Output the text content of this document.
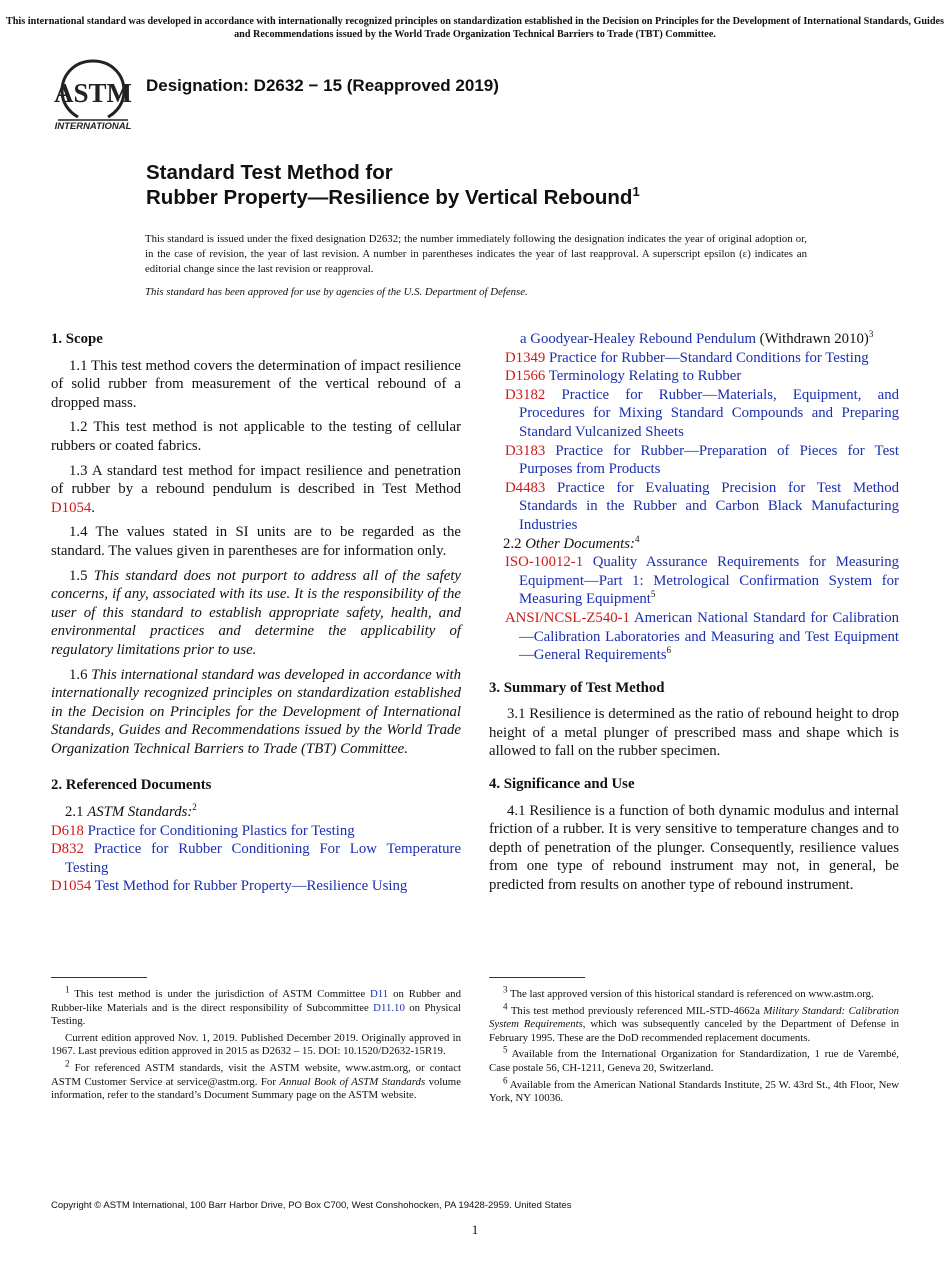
This international standard was developed in accordance with internationally recognized principles on standardization established in the Decision on Principles for the Development of International Standards, Guides and Recommendations issued by the World Trade Organization Technical Barriers to Trade (TBT) Committee.
ASTM
INTERNATIONAL
Designation: D2632 − 15 (Reapproved 2019)
Standard Test Method for
Rubber Property—Resilience by Vertical Rebound$^1$
This standard is issued under the fixed designation D2632; the number immediately following the designation indicates the year of original adoption or, in the case of revision, the year of last revision. A number in parentheses indicates the year of last reapproval. A superscript epsilon (ε) indicates an editorial change since the last revision or reapproval.
This standard has been approved for use by agencies of the U.S. Department of Defense.
1. Scope

1.1 This test method covers the determination of impact resilience of solid rubber from measurement of the vertical rebound of a dropped mass.

1.2 This test method is not applicable to the testing of cellular rubbers or coated fabrics.

1.3 A standard test method for impact resilience and penetration of rubber by a rebound pendulum is described in Test Method D1054.

1.4 The values stated in SI units are to be regarded as the standard. The values given in parentheses are for information only.

1.5 This standard does not purport to address all of the safety concerns, if any, associated with its use. It is the responsibility of the user of this standard to establish appropriate safety, health, and environmental practices and determine the applicability of regulatory limitations prior to use.

1.6 This international standard was developed in accordance with internationally recognized principles on standardization established in the Decision on Principles for the Development of International Standards, Guides and Recommendations issued by the World Trade Organization Technical Barriers to Trade (TBT) Committee.

2. Referenced Documents
2.1 ASTM Standards:$^2$
D618 Practice for Conditioning Plastics for Testing
D832 Practice for Rubber Conditioning For Low Temperature Testing
D1054 Test Method for Rubber Property—Resilience Using
a Goodyear-Healey Rebound Pendulum (Withdrawn 2010)$^3$
D1349 Practice for Rubber—Standard Conditions for Testing
D1566 Terminology Relating to Rubber
D3182 Practice for Rubber—Materials, Equipment, and Procedures for Mixing Standard Compounds and Preparing Standard Vulcanized Sheets
D3183 Practice for Rubber—Preparation of Pieces for Test Purposes from Products
D4483 Practice for Evaluating Precision for Test Method Standards in the Rubber and Carbon Black Manufacturing Industries
2.2 Other Documents:$^4$
ISO-10012-1 Quality Assurance Requirements for Measuring Equipment—Part 1: Metrological Confirmation System for Measuring Equipment$^5$
ANSI/NCSL-Z540-1 American National Standard for Calibration—Calibration Laboratories and Measuring and Test Equipment—General Requirements$^6$
3. Summary of Test Method

3.1 Resilience is determined as the ratio of rebound height to drop height of a metal plunger of prescribed mass and shape which is allowed to fall on the rubber specimen.

4. Significance and Use

4.1 Resilience is a function of both dynamic modulus and internal friction of a rubber. It is very sensitive to temperature changes and to depth of penetration of the plunger. Consequently, resilience values from one type of rebound instrument may not, in general, be predicted from results on another type of rebound instrument.

$^1$ This test method is under the jurisdiction of ASTM Committee D11 on Rubber and Rubber-like Materials and is the direct responsibility of Subcommittee D11.10 on Physical Testing.

Current edition approved Nov. 1, 2019. Published December 2019. Originally approved in 1967. Last previous edition approved in 2015 as D2632 – 15. DOI: 10.1520/D2632-15R19.

$^2$ For referenced ASTM standards, visit the ASTM website, www.astm.org, or contact ASTM Customer Service at service@astm.org. For Annual Book of ASTM Standards volume information, refer to the standard’s Document Summary page on the ASTM website.

$^3$ The last approved version of this historical standard is referenced on www.astm.org.

$^4$ This test method previously referenced MIL-STD-4662a Military Standard: Calibration System Requirements, which was subsequently canceled by the Department of Defense in February 1995. These are the DoD recommended replacement documents.

$^5$ Available from the International Organization for Standardization, 1 rue de Varembé, Case postale 56, CH-1211, Geneva 20, Switzerland.

$^6$ Available from the American National Standards Institute, 25 W. 43rd St., 4th Floor, New York, NY 10036.

Copyright © ASTM International, 100 Barr Harbor Drive, PO Box C700, West Conshohocken, PA 19428-2959. United States
1
